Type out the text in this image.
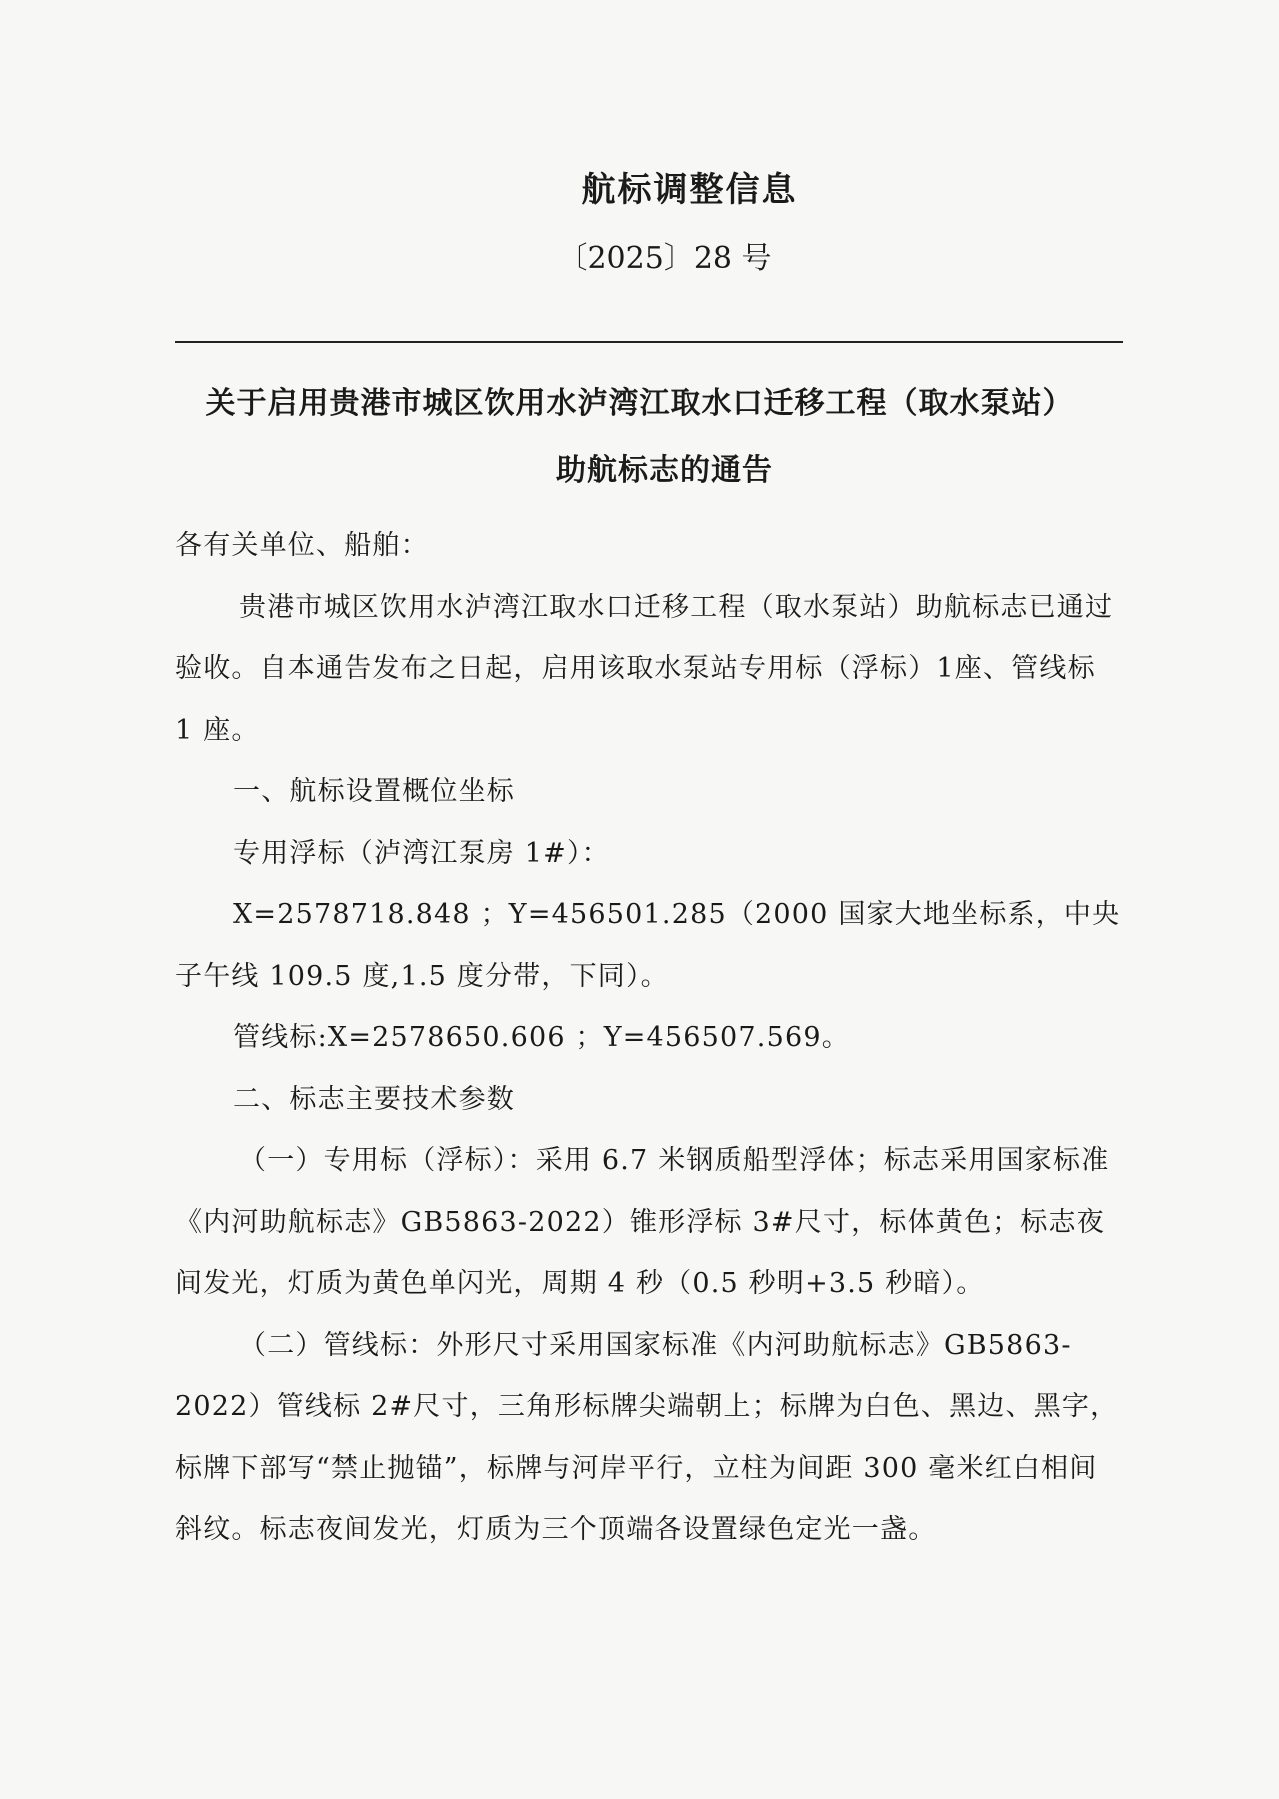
航标调整信息
〔2025〕28 号
关于启用贵港市城区饮用水泸湾江取水口迁移工程（取水泵站）
助航标志的通告

各有关单位、船舶：

贵港市城区饮用水泸湾江取水口迁移工程（取水泵站）助航标志已通过验收。自本通告发布之日起，启用该取水泵站专用标（浮标）1座、管线标 1 座。

一、航标设置概位坐标

专用浮标（泸湾江泵房 1#）：

X=2578718.848 ；Y=456501.285（2000 国家大地坐标系，中央子午线 109.5 度,1.5 度分带，下同）。

管线标:X=2578650.606 ；Y=456507.569。

二、标志主要技术参数

（一）专用标（浮标）：采用 6.7 米钢质船型浮体；标志采用国家标准《内河助航标志》GB5863-2022）锥形浮标 3#尺寸，标体黄色；标志夜间发光，灯质为黄色单闪光，周期 4 秒（0.5 秒明+3.5 秒暗）。

（二）管线标：外形尺寸采用国家标准《内河助航标志》GB5863-2022）管线标 2#尺寸，三角形标牌尖端朝上；标牌为白色、黑边、黑字，标牌下部写“禁止抛锚”，标牌与河岸平行，立柱为间距 300 毫米红白相间斜纹。标志夜间发光，灯质为三个顶端各设置绿色定光一盏。
